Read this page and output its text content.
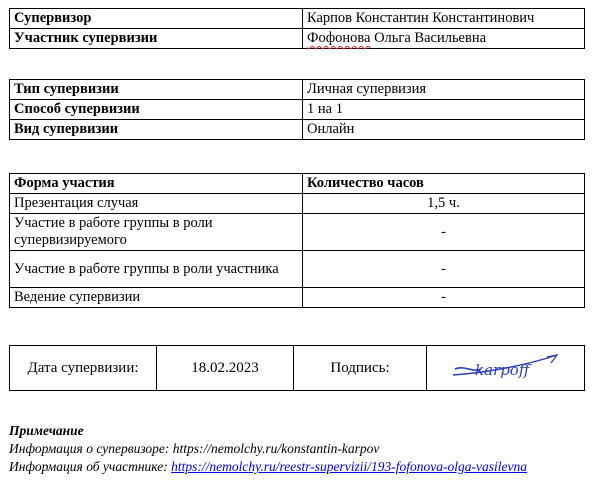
Супервизор	Карпов Константин Константинович
Участник супервизии	Фофонова Ольга Васильевна
Тип супервизии	Личная супервизия
Способ супервизии	1 на 1
Вид супервизии	Онлайн
Форма участия	Количество часов
Презентация случая	1,5 ч.
Участие в работе группы в роли супервизируемого	-
Участие в работе группы в роли участника	-
Ведение супервизии	-
Дата супервизии:	18.02.2023	Подпись:	karpoff
Примечание
Информация о супервизоре: https://nemolchy.ru/konstantin-karpov
Информация об участнике: https://nemolchy.ru/reestr-supervizii/193-fofonova-olga-vasilevna
